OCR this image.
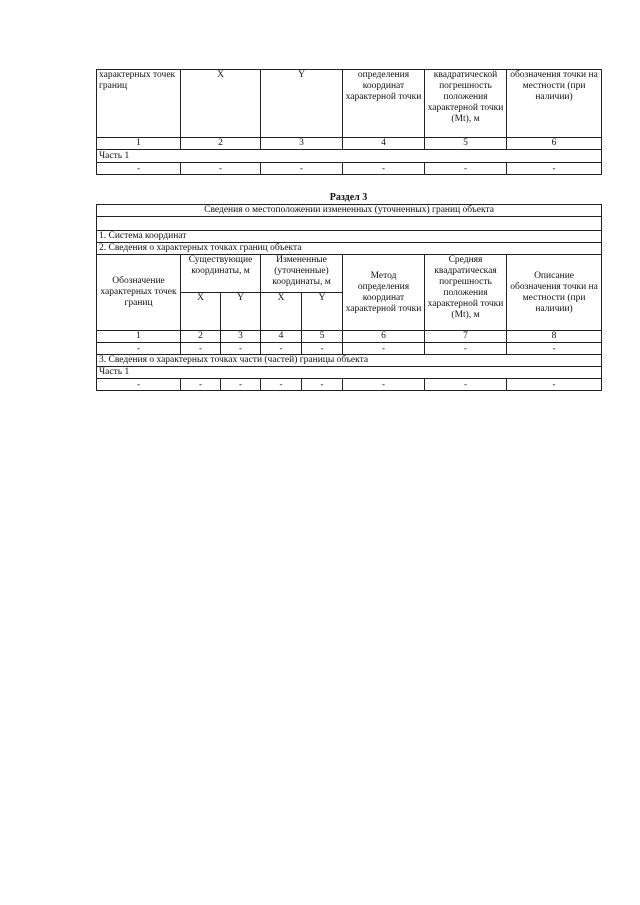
характерных точек границ	X	Y	определения координат характерной точки	квадратической погрешность положения характерной точки (Mt), м	обозначения точки на местности (при наличии)
1	2	3	4	5	6
Часть 1					
-	-	-	-	-	-
Раздел 3
Сведения о местоположении измененных (уточненных) границ объекта							

1. Система координат							
2. Сведения о характерных точках границ объекта							
Обозначение характерных точек границ	Существующие координаты, м		Измененные (уточненные) координаты, м		Метод определения координат характерной точки	Средняя квадратическая погрешность положения характерной точки (Mt), м	Описание обозначения точки на местности (при наличии)
	X	Y	X	Y			
1	2	3	4	5	6	7	8
-	-	-	-	-	-	-	-
3. Сведения о характерных точках части (частей) границы объекта							
Часть 1							
-	-	-	-	-	-	-	-
